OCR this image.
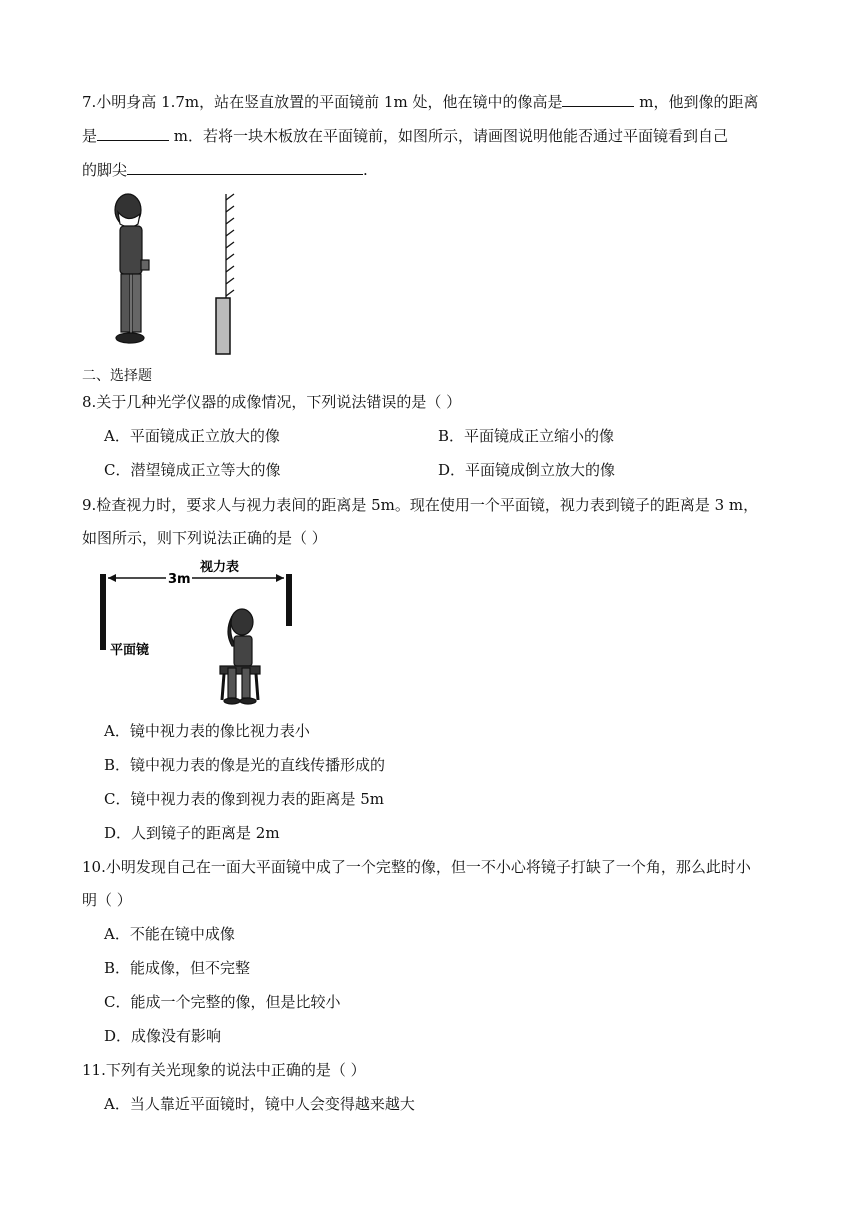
7.小明身高 1.7m，站在竖直放置的平面镜前 1m 处，他在镜中的像高是	m，他到像的距离
是	m．若将一块木板放在平面镜前，如图所示，请画图说明他能否通过平面镜看到自己
的脚尖	.
二、选择题
8.关于几种光学仪器的成像情况，下列说法错误的是（ ）
A．平面镜成正立放大的像	B．平面镜成正立缩小的像
C．潜望镜成正立等大的像	D．平面镜成倒立放大的像
9.检查视力时，要求人与视力表间的距离是 5m。现在使用一个平面镜，视力表到镜子的距离是 3 m，
如图所示，则下列说法正确的是（ ）
3m
视力表
平面镜
A．镜中视力表的像比视力表小
B．镜中视力表的像是光的直线传播形成的
C．镜中视力表的像到视力表的距离是 5m
D．人到镜子的距离是 2m
10.小明发现自己在一面大平面镜中成了一个完整的像，但一不小心将镜子打缺了一个角，那么此时小
明（ ）
A．不能在镜中成像
B．能成像，但不完整
C．能成一个完整的像，但是比较小
D．成像没有影响
11.下列有关光现象的说法中正确的是（ ）
A．当人靠近平面镜时，镜中人会变得越来越大
